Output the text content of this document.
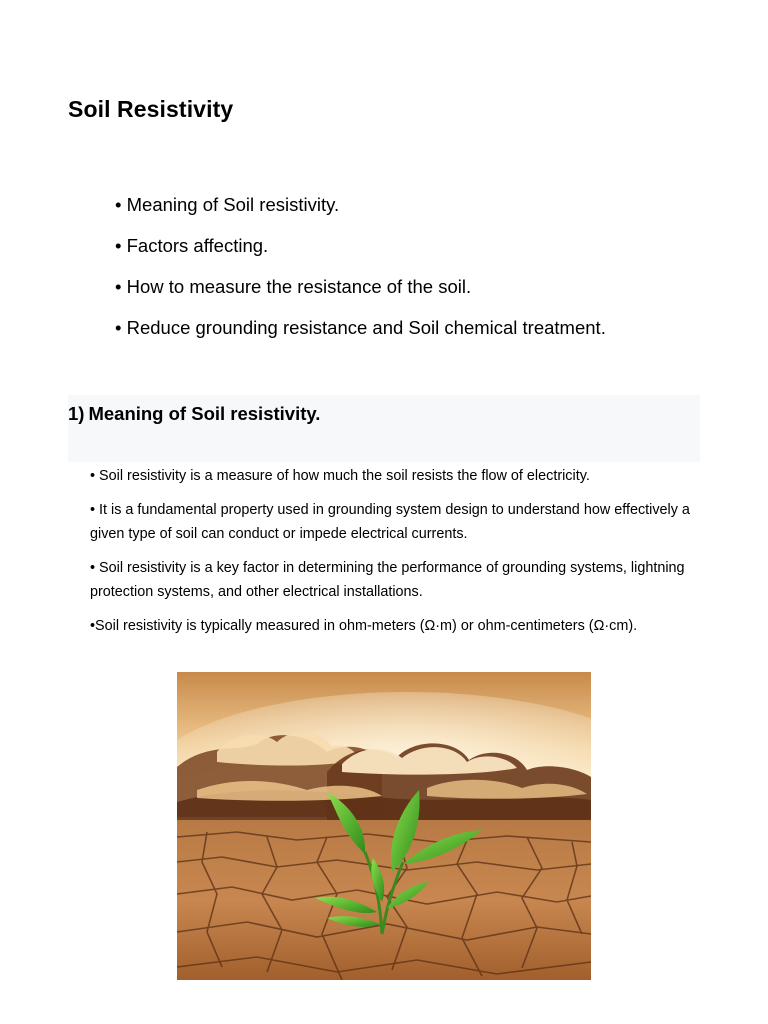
Soil Resistivity
• Meaning of Soil resistivity.
• Factors affecting.
• How to measure the resistance of the soil.
• Reduce grounding resistance and Soil chemical treatment.
1) Meaning of Soil resistivity.

• Soil resistivity is a measure of how much the soil resists the flow of electricity.

• It is a fundamental property used in grounding system design to understand how effectively a given type of soil can conduct or impede electrical currents.

• Soil resistivity is a key factor in determining the performance of grounding systems, lightning protection systems, and other electrical installations.

•Soil resistivity is typically measured in ohm-meters (Ω·m) or ohm-centimeters (Ω·cm).
